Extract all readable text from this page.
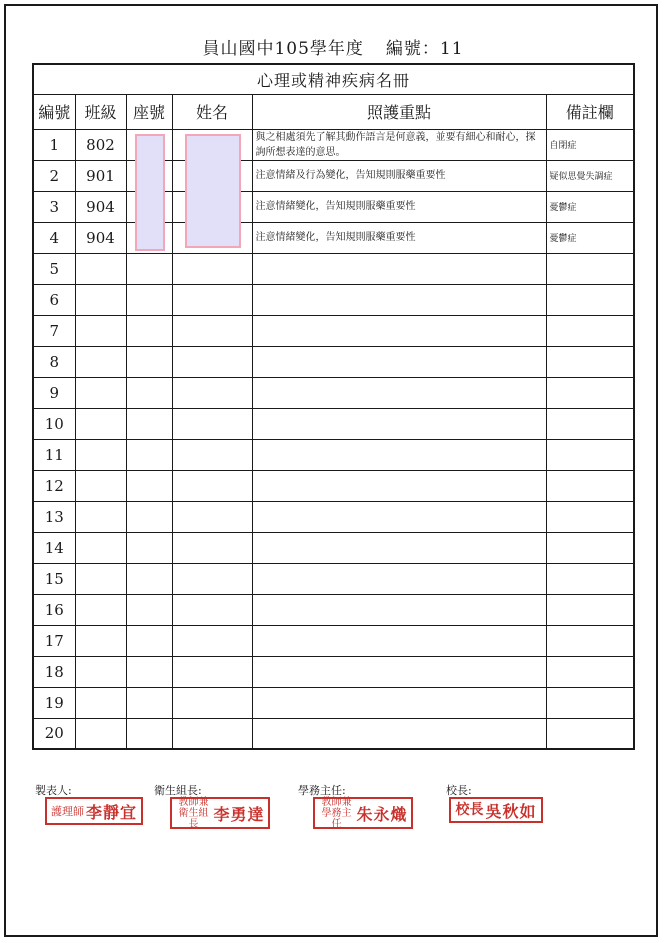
員山國中105學年度 編號：11
心理或精神疾病名冊					
編號	班級	座號	姓名	照護重點	備註欄
1	802			與之相處須先了解其動作語言是何意義，並要有細心和耐心，探詢所想表達的意思。	自閉症
2	901			注意情緒及行為變化，告知規則服藥重要性	疑似思覺失調症
3	904			注意情緒變化，告知規則服藥重要性	憂鬱症
4	904			注意情緒變化，告知規則服藥重要性	憂鬱症
5					
6					
7					
8					
9					
10					
11					
12					
13					
14					
15					
16					
17					
18					
19					
20					
製表人:	衛生組長:	學務主任:	校長:
護理師 李靜宜
教師兼衛生組長
李勇達
教師兼學務主任
朱永熾	校長 吳秋如
